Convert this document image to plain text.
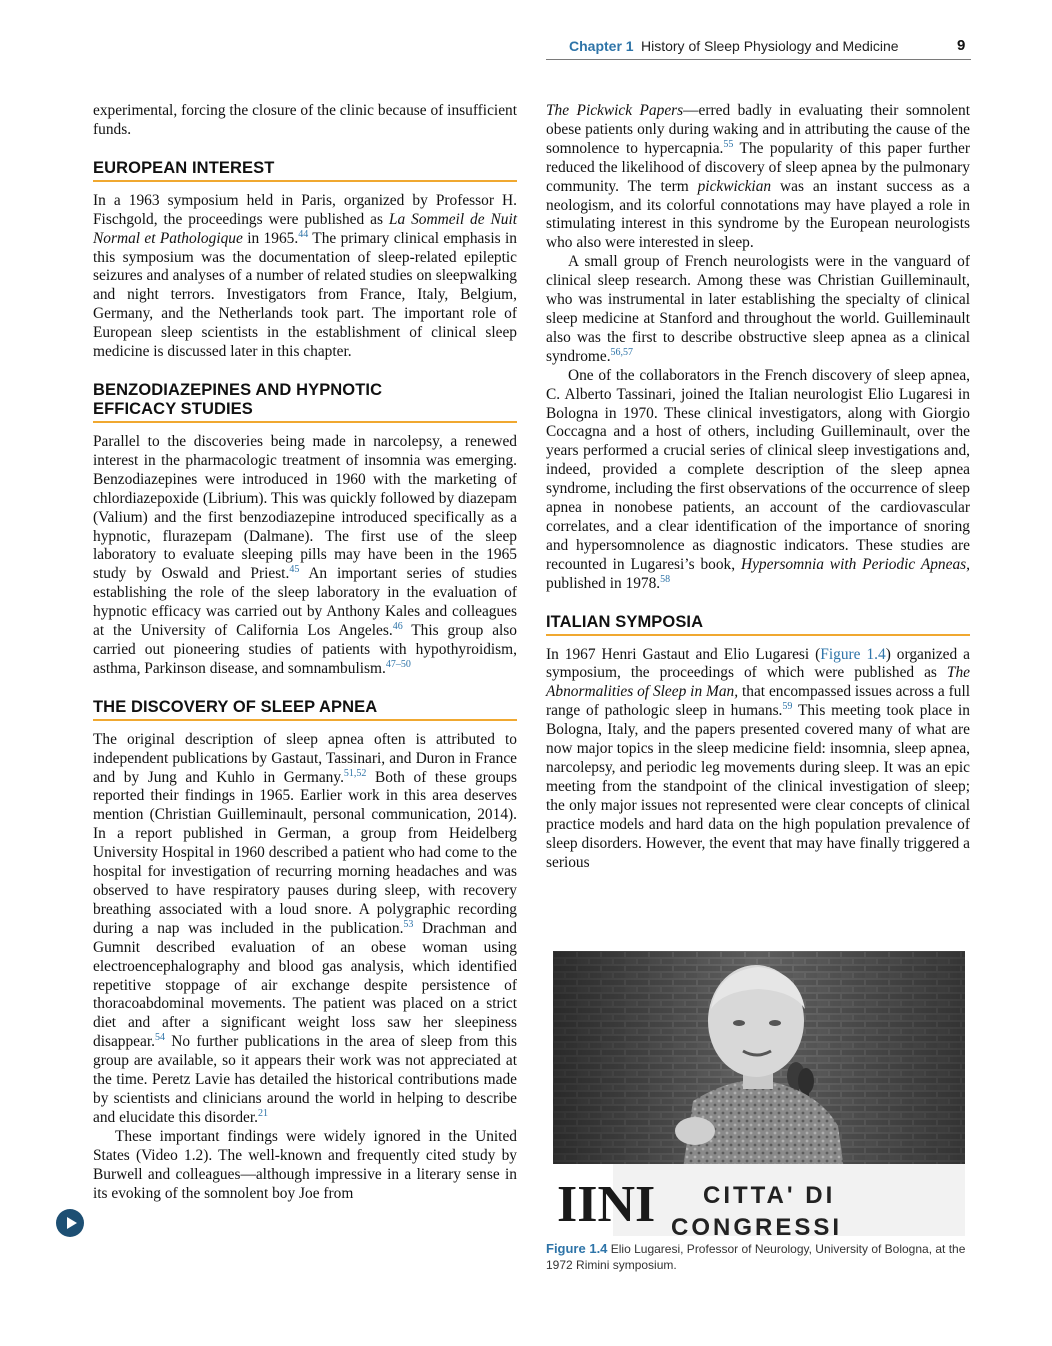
Chapter 1 History of Sleep Physiology and Medicine	9

experimental, forcing the closure of the clinic because of insufficient funds.

EUROPEAN INTEREST

In a 1963 symposium held in Paris, organized by Professor H. Fischgold, the proceedings were published as La Sommeil de Nuit Normal et Pathologique in 1965.44 The primary clinical emphasis in this symposium was the documentation of sleep-related epileptic seizures and analyses of a number of related studies on sleepwalking and night terrors. Investigators from France, Italy, Belgium, Germany, and the Netherlands took part. The important role of European sleep scientists in the establishment of clinical sleep medicine is discussed later in this chapter.

BENZODIAZEPINES AND HYPNOTIC
EFFICACY STUDIES

Parallel to the discoveries being made in narcolepsy, a renewed interest in the pharmacologic treatment of insomnia was emerging. Benzodiazepines were introduced in 1960 with the marketing of chlordiazepoxide (Librium). This was quickly followed by diazepam (Valium) and the first benzodiazepine introduced specifically as a hypnotic, flurazepam (Dalmane). The first use of the sleep laboratory to evaluate sleeping pills may have been in the 1965 study by Oswald and Priest.$^{45}$ An important series of studies establishing the role of the sleep laboratory in the evaluation of hypnotic efficacy was carried out by Anthony Kales and colleagues at the University of California Los Angeles.$^{46}$ This group also carried out pioneering studies of patients with hypothyroidism, asthma, Parkinson disease, and somnambulism.$^{47-50}$

THE DISCOVERY OF SLEEP APNEA

The original description of sleep apnea often is attributed to independent publications by Gastaut, Tassinari, and Duron in France and by Jung and Kuhlo in Germany.$^{51,52}$ Both of these groups reported their findings in 1965. Earlier work in this area deserves mention (Christian Guilleminault, personal communication, 2014). In a report published in German, a group from Heidelberg University Hospital in 1960 described a patient who had come to the hospital for investigation of recurring morning headaches and was observed to have respiratory pauses during sleep, with recovery breathing associated with a loud snore. A polygraphic recording during a nap was included in the publication.$^{53}$ Drachman and Gumnit described evaluation of an obese woman using electroencephalography and blood gas analysis, which identified repetitive stoppage of air exchange despite persistence of thoracoabdominal movements. The patient was placed on a strict diet and after a significant weight loss saw her sleepiness disappear.$^{54}$ No further publications in the area of sleep from this group are available, so it appears their work was not appreciated at the time. Peretz Lavie has detailed the historical contributions made by scientists and clinicians around the world in helping to describe and elucidate this disorder.$^{21}$

These important findings were widely ignored in the United States (Video 1.2). The well-known and frequently cited study by Burwell and colleagues—although impressive in a literary sense in its evoking of the somnolent boy Joe from

The Pickwick Papers—erred badly in evaluating their somnolent obese patients only during waking and in attributing the cause of the somnolence to hypercapnia.$^{55}$ The popularity of this paper further reduced the likelihood of discovery of sleep apnea by the pulmonary community. The term pickwickian was an instant success as a neologism, and its colorful connotations may have played a role in stimulating interest in this syndrome by the European neurologists who also were interested in sleep.

A small group of French neurologists were in the vanguard of clinical sleep research. Among these was Christian Guilleminault, who was instrumental in later establishing the specialty of clinical sleep medicine at Stanford and throughout the world. Guilleminault also was the first to describe obstructive sleep apnea as a clinical syndrome.$^{56,57}$

One of the collaborators in the French discovery of sleep apnea, C. Alberto Tassinari, joined the Italian neurologist Elio Lugaresi in Bologna in 1970. These clinical investigators, along with Giorgio Coccagna and a host of others, including Guilleminault, over the years performed a crucial series of clinical sleep investigations and, indeed, provided a complete description of the sleep apnea syndrome, including the first observations of the occurrence of sleep apnea in nonobese patients, an account of the cardiovascular correlates, and a clear identification of the importance of snoring and hypersomnolence as diagnostic indicators. These studies are recounted in Lugaresi’s book, Hypersomnia with Periodic Apneas, published in 1978.58

ITALIAN SYMPOSIA

In 1967 Henri Gastaut and Elio Lugaresi (Figure 1.4) organized a symposium, the proceedings of which were published as The Abnormalities of Sleep in Man, that encompassed issues across a full range of pathologic sleep in humans.$^{59}$ This meeting took place in Bologna, Italy, and the papers presented covered many of what are now major topics in the sleep medicine field: insomnia, sleep apnea, narcolepsy, and periodic leg movements during sleep. It was an epic meeting from the standpoint of the clinical investigation of sleep; the only major issues not represented were clear concepts of clinical practice models and hard data on the high population prevalence of sleep disorders. However, the event that may have finally triggered a serious

IINI CITTA' DI
CONGRESSI
Figure 1.4 Elio Lugaresi, Professor of Neurology, University of Bologna, at the 1972 Rimini symposium.
